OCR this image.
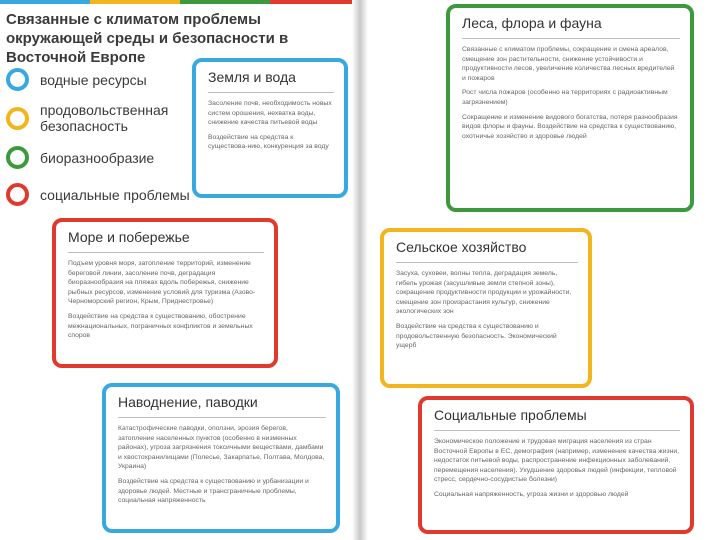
Связанные с климатом проблемы окружающей среды и безопасности в Восточной Европе
водные ресурсы
продовольственная безопасность
биоразнообразие
социальные проблемы
Земля и вода

Засоление почв, необходимость новых систем орошения, нехватка воды, снижение качества питьевой воды

Воздействие на средства к существова-нию, конкуренция за воду

Море и побережье

Подъем уровня моря, затопление территорий, изменение береговой линии, засоление почв, деградация биоразнообразия на пляжах вдоль побережья, снижение рыбных ресурсов, изменение условий для туризма (Азово-Черноморский регион, Крым, Приднестровье)

Воздействие на средства к существованию, обострение межнациональных, пограничных конфликтов и земельных споров

Наводнение, паводки

Катастрофические паводки, оползни, эрозия берегов, затопление населенных пунктов (особенно в низменных районах), угроза загрязнения токсичными веществами, дамбами и хвостохранилищами (Полесье, Закарпатье, Полтава, Молдова, Украина)

Воздействие на средства к существованию и урбанизации и здоровье людей. Местные и трансграничные проблемы, социальная напряженность

Леса, флора и фауна

Связанные с климатом проблемы, сокращение и смена ареалов, смещение зон растительности, снижение устойчивости и продуктивности лесов, увеличение количества лесных вредителей и пожаров

Рост числа пожаров (особенно на территориях с радиоактивным загрязнением)

Сокращение и изменение видового богатства, потеря разнообразия видов флоры и фауны. Воздействие на средства к существованию, охотничье хозяйство и здоровье людей

Сельское хозяйство

Засуха, суховеи, волны тепла, деградация земель, гибель урожая (засушливые земли степной зоны), сокращение продуктивности продукции и урожайности, смещение зон произрастания культур, снижение экологических зон

Воздействие на средства к существованию и продовольственную безопасность. Экономический ущерб

Социальные проблемы

Экономическое положение и трудовая миграция населения из стран Восточной Европы в ЕС, демография (например, изменение качества жизни, недостаток питьевой воды, распространение инфекционных заболеваний, перемещения населения). Ухудшение здоровья людей (инфекции, тепловой стресс, сердечно-сосудистые болезни)

Социальная напряженность, угроза жизни и здоровью людей
